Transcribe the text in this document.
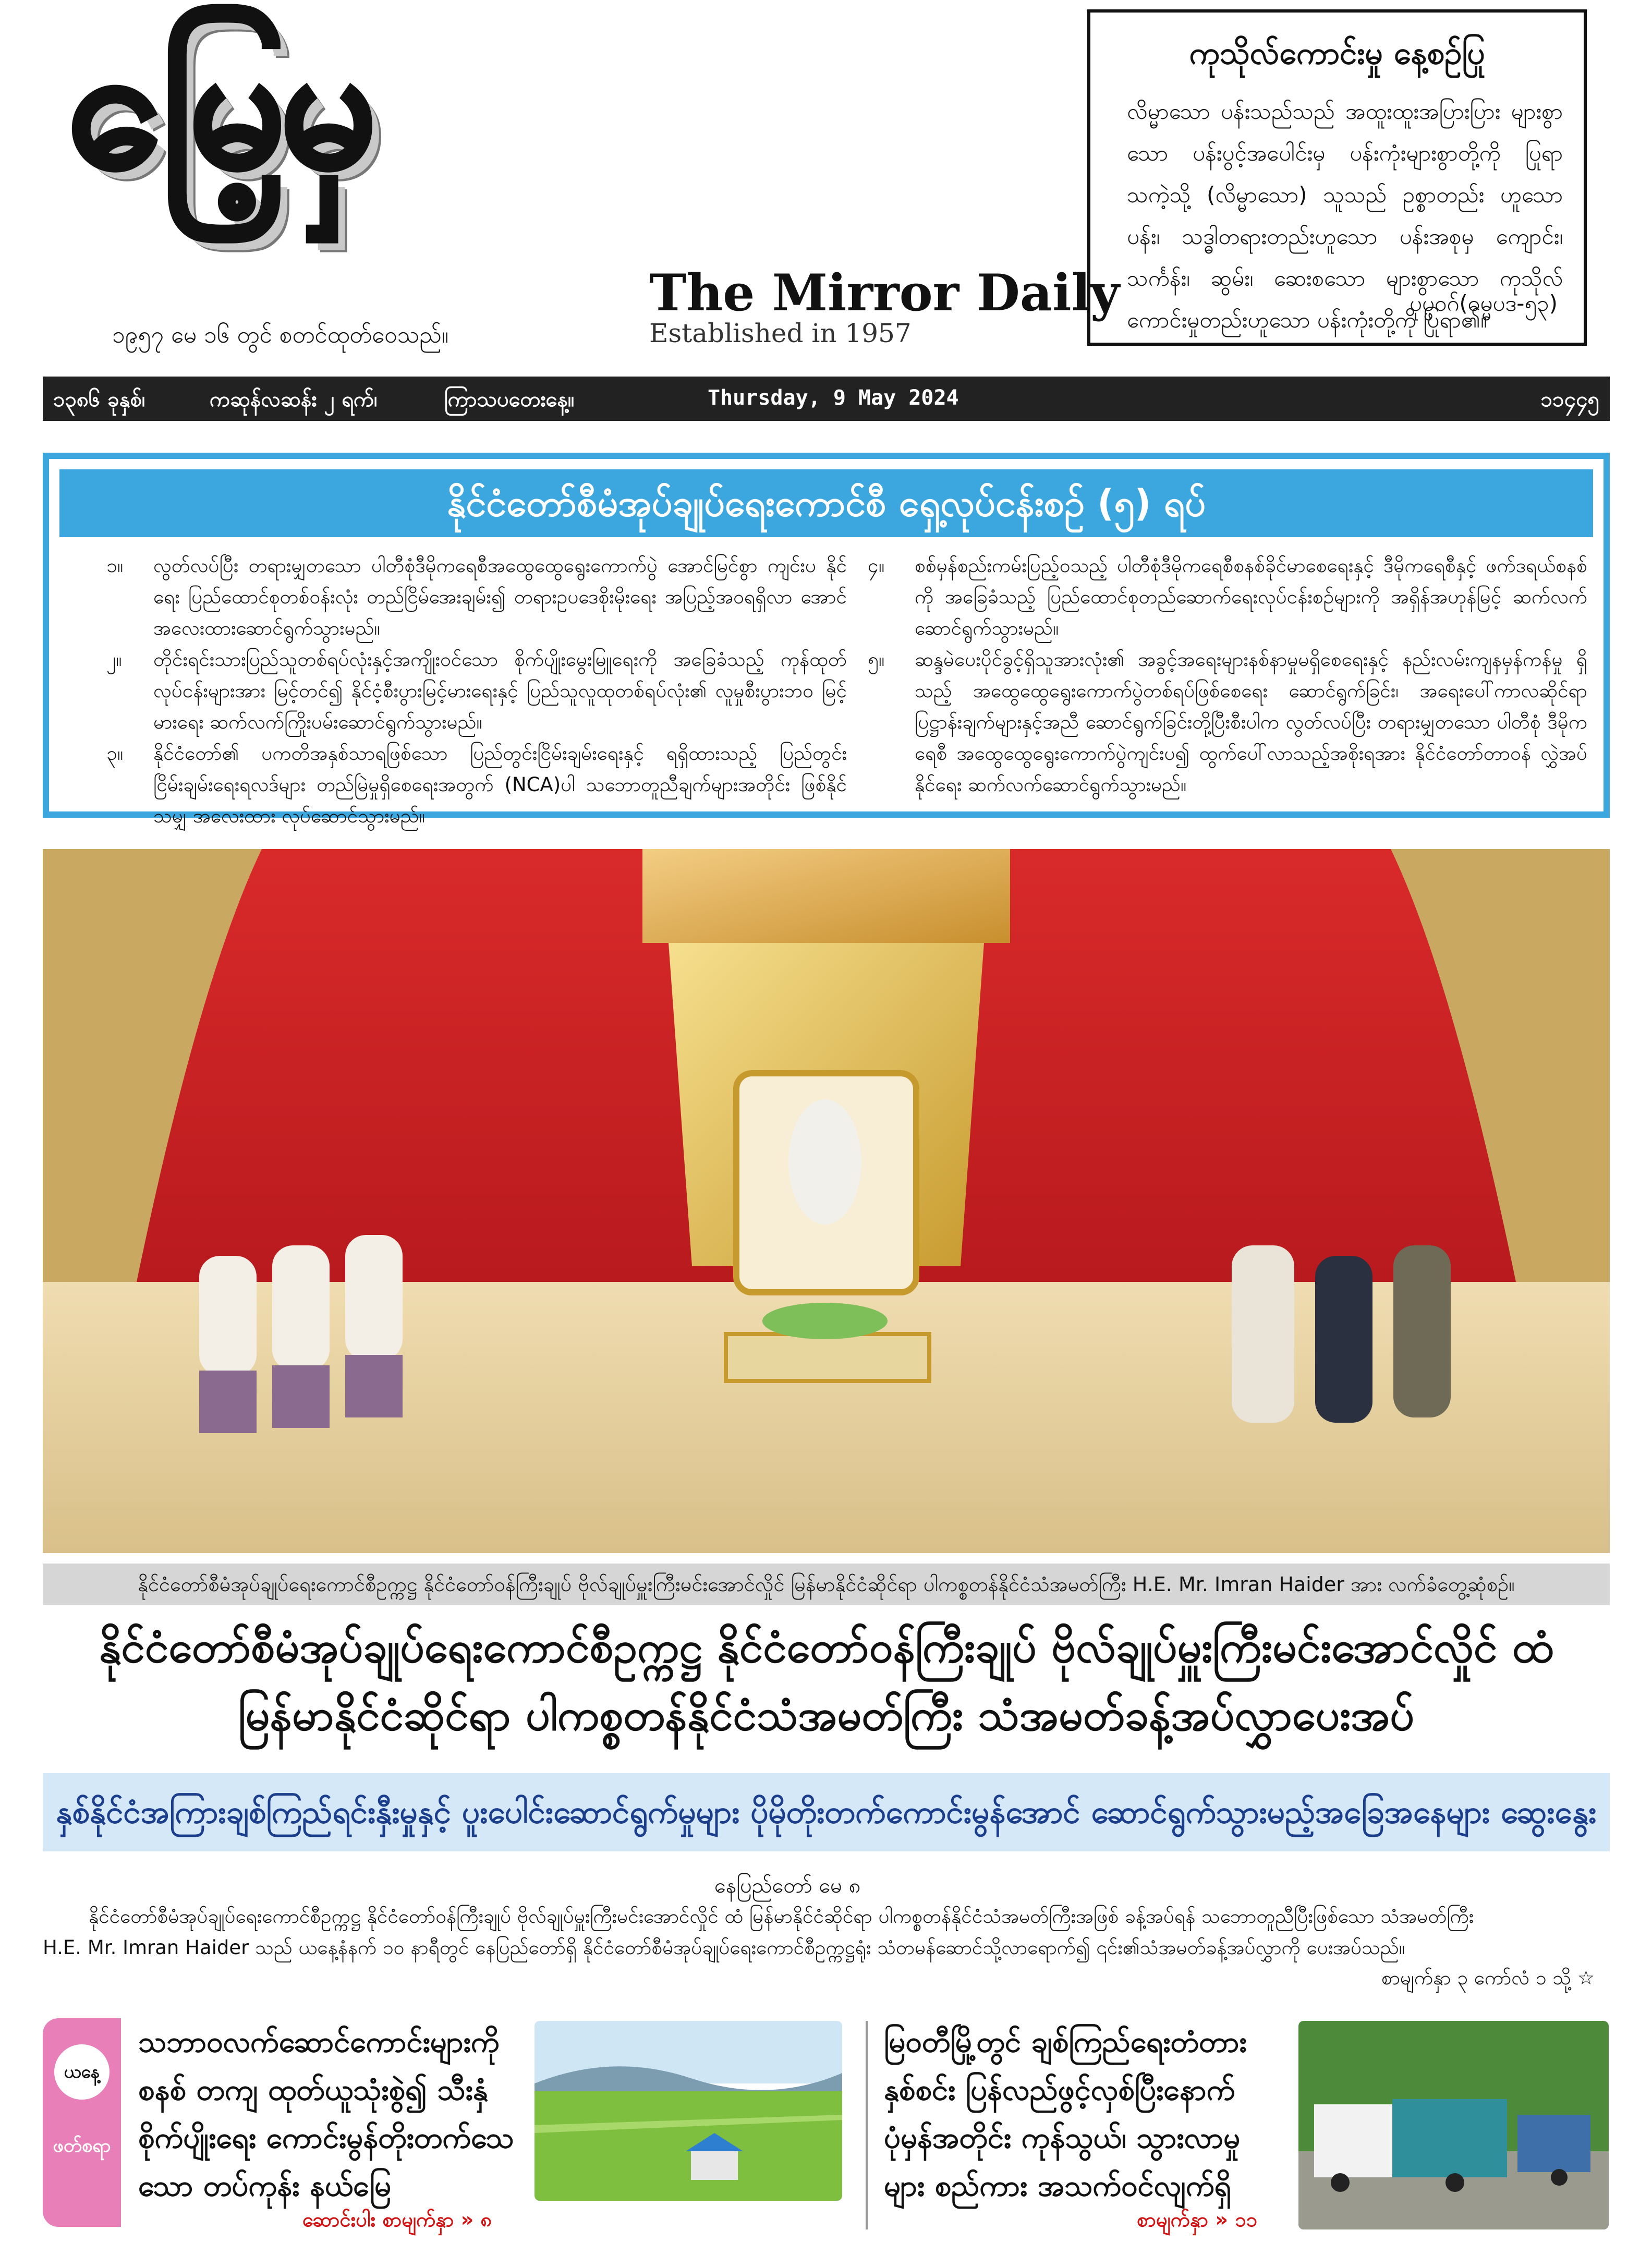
မြေ့မှ
၁၉၅၇ မေ ၁၆ တွင် စတင်ထုတ်ဝေသည်။
The Mirror Daily
Established in 1957
ကုသိုလ်ကောင်းမှု နေ့စဉ်ပြု
လိမ္မာသော ပန်းသည်သည် အထူးထူးအပြားပြား များစွာသော ပန်းပွင့်အပေါင်းမှ ပန်းကုံးများစွာတို့ကို ပြုရာသကဲ့သို့ (လိမ္မာသော) သူသည် ဥစ္စာတည်း ဟူသော ပန်း၊ သဒ္ဓါတရားတည်းဟူသော ပန်းအစုမှ ကျောင်း၊ သင်္ကန်း၊ ဆွမ်း၊ ဆေးစသော များစွာသော ကုသိုလ်ကောင်းမှုတည်းဟူသော ပန်းကုံးတို့ကို ပြုရာ၏။
ပုပ္ဖဝဂ်(ဓမ္မပဒ-၅၃)
၁၃၈၆ ခုနှစ်၊	ကဆုန်လဆန်း ၂ ရက်၊	ကြာသပတေးနေ့။	Thursday, 9 May 2024	၁၁၄၄၅
နိုင်ငံတော်စီမံအုပ်ချုပ်ရေးကောင်စီ ရှေ့လုပ်ငန်းစဉ် (၅) ရပ်
၁။ လွတ်လပ်ပြီး တရားမျှတသော ပါတီစုံဒီမိုကရေစီအထွေထွေရွေးကောက်ပွဲ အောင်မြင်စွာ ကျင်းပ နိုင်ရေး ပြည်ထောင်စုတစ်ဝန်းလုံး တည်ငြိမ်အေးချမ်း၍ တရားဥပဒေစိုးမိုးရေး အပြည့်အဝရရှိလာ အောင် အလေးထားဆောင်ရွက်သွားမည်။
၂။ တိုင်းရင်းသားပြည်သူတစ်ရပ်လုံးနှင့်အကျိုးဝင်သော စိုက်ပျိုးမွေးမြူရေးကို အခြေခံသည့် ကုန်ထုတ် လုပ်ငန်းများအား မြင့်တင်၍ နိုင်ငံ့စီးပွားမြင့်မားရေးနှင့် ပြည်သူလူထုတစ်ရပ်လုံး၏ လူမှုစီးပွားဘဝ မြင့်မားရေး ဆက်လက်ကြိုးပမ်းဆောင်ရွက်သွားမည်။
၃။ နိုင်ငံတော်၏ ပကတိအနှစ်သာရဖြစ်သော ပြည်တွင်းငြိမ်းချမ်းရေးနှင့် ရရှိထားသည့် ပြည်တွင်း ငြိမ်းချမ်းရေးရလဒ်များ တည်မြဲမှုရှိစေရေးအတွက် (NCA)ပါ သဘောတူညီချက်များအတိုင်း ဖြစ်နိုင်သမျှ အလေးထား လုပ်ဆောင်သွားမည်။
၄။ စစ်မှန်စည်းကမ်းပြည့်ဝသည့် ပါတီစုံဒီမိုကရေစီစနစ်ခိုင်မာစေရေးနှင့် ဒီမိုကရေစီနှင့် ဖက်ဒရယ်စနစ် ကို အခြေခံသည့် ပြည်ထောင်စုတည်ဆောက်ရေးလုပ်ငန်းစဉ်များကို အရှိန်အဟုန်မြင့် ဆက်လက် ဆောင်ရွက်သွားမည်။
၅။ ဆန္ဒမဲပေးပိုင်ခွင့်ရှိသူအားလုံး၏ အခွင့်အရေးများနစ်နာမှုမရှိစေရေးနှင့် နည်းလမ်းကျနမှန်ကန်မှု ရှိသည့် အထွေထွေရွေးကောက်ပွဲတစ်ရပ်ဖြစ်စေရေး ဆောင်ရွက်ခြင်း၊ အရေးပေါ်ကာလဆိုင်ရာ ပြဋ္ဌာန်းချက်များနှင့်အညီ ဆောင်ရွက်ခြင်းတို့ပြီးစီးပါက လွတ်လပ်ပြီး တရားမျှတသော ပါတီစုံ ဒီမိုကရေစီ အထွေထွေရွေးကောက်ပွဲကျင်းပ၍ ထွက်ပေါ်လာသည့်အစိုးရအား နိုင်ငံတော်တာဝန် လွှဲအပ်နိုင်ရေး ဆက်လက်ဆောင်ရွက်သွားမည်။
နိုင်ငံတော်စီမံအုပ်ချုပ်ရေးကောင်စီဥက္ကဋ္ဌ နိုင်ငံတော်ဝန်ကြီးချုပ် ဗိုလ်ချုပ်မှူးကြီးမင်းအောင်လှိုင် မြန်မာနိုင်ငံဆိုင်ရာ ပါကစ္စတန်နိုင်ငံသံအမတ်ကြီး H.E. Mr. Imran Haider အား လက်ခံတွေ့ဆုံစဉ်။
နိုင်ငံတော်စီမံအုပ်ချုပ်ရေးကောင်စီဥက္ကဋ္ဌ နိုင်ငံတော်ဝန်ကြီးချုပ် ဗိုလ်ချုပ်မှူးကြီးမင်းအောင်လှိုင် ထံ
မြန်မာနိုင်ငံဆိုင်ရာ ပါကစ္စတန်နိုင်ငံသံအမတ်ကြီး သံအမတ်ခန့်အပ်လွှာပေးအပ်
နှစ်နိုင်ငံအကြားချစ်ကြည်ရင်းနှီးမှုနှင့် ပူးပေါင်းဆောင်ရွက်မှုများ ပိုမိုတိုးတက်ကောင်းမွန်အောင် ဆောင်ရွက်သွားမည့်အခြေအနေများ ဆွေးနွေး
နေပြည်တော် မေ ၈
နိုင်ငံတော်စီမံအုပ်ချုပ်ရေးကောင်စီဥက္ကဋ္ဌ နိုင်ငံတော်ဝန်ကြီးချုပ် ဗိုလ်ချုပ်မှူးကြီးမင်းအောင်လှိုင် ထံ မြန်မာနိုင်ငံဆိုင်ရာ ပါကစ္စတန်နိုင်ငံသံအမတ်ကြီးအဖြစ် ခန့်အပ်ရန် သဘောတူညီပြီးဖြစ်သော သံအမတ်ကြီး
H.E. Mr. Imran Haider သည် ယနေ့နံနက် ၁၀ နာရီတွင် နေပြည်တော်ရှိ နိုင်ငံတော်စီမံအုပ်ချုပ်ရေးကောင်စီဥက္ကဋ္ဌရုံး သံတမန်ဆောင်သို့လာရောက်၍ ၎င်း၏သံအမတ်ခန့်အပ်လွှာကို ပေးအပ်သည်။
စာမျက်နှာ ၃ ကော်လံ ၁ သို့ ☆
ယနေ့
ဖတ်စရာ
သဘာဝလက်ဆောင်ကောင်းများကို စနစ် တကျ ထုတ်ယူသုံးစွဲ၍ သီးနှံစိုက်ပျိုးရေး ကောင်းမွန်တိုးတက်သေသော တပ်ကုန်း နယ်မြေ
ဆောင်းပါး စာမျက်နှာ » ၈
မြဝတီမြို့တွင် ချစ်ကြည်ရေးတံတားနှစ်စင်း ပြန်လည်ဖွင့်လှစ်ပြီးနောက် ပုံမှန်အတိုင်း ကုန်သွယ်၊ သွားလာမှုများ စည်ကား အသက်ဝင်လျက်ရှိ
စာမျက်နှာ » ၁၁
